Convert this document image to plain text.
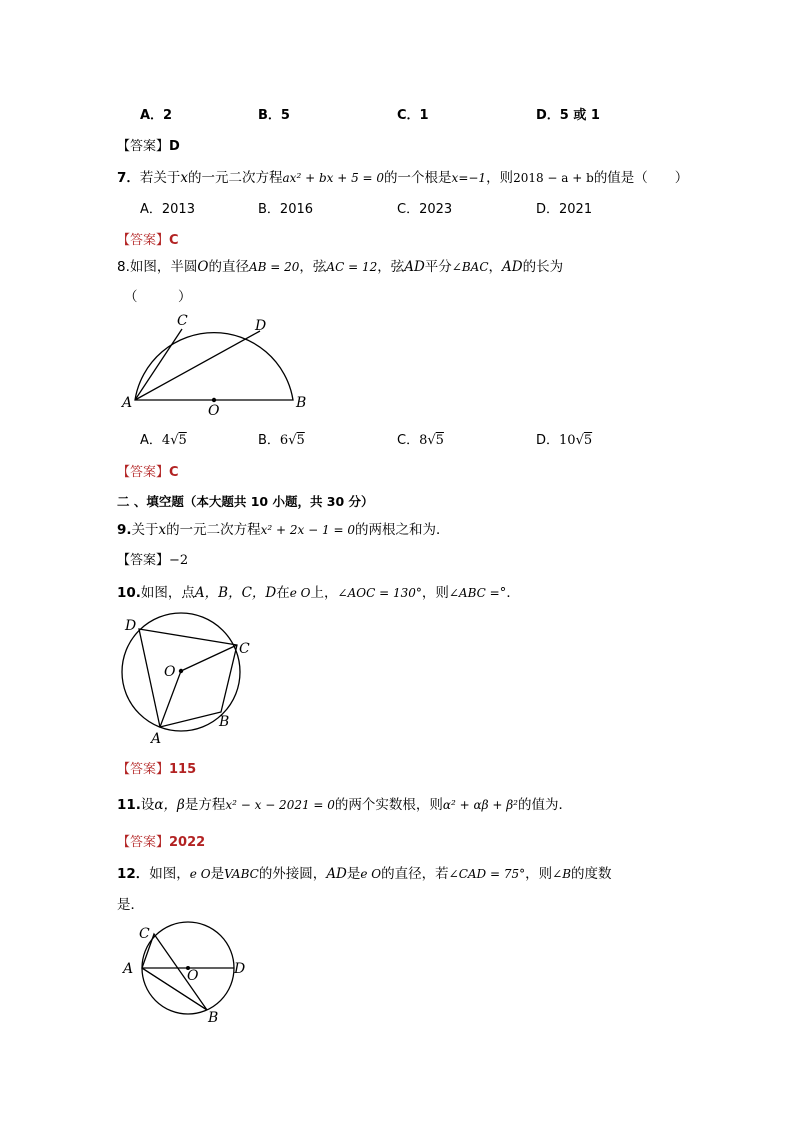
A．2	B．5	C．1	D．5 或 1
【答案】D
7．若关于x的一元二次方程ax² + bx + 5 = 0的一个根是x=−1，则2018 − a + b的值是（　　）
A．2013	B．2016	C．2023	D．2021
【答案】C
8.如图，半圆O的直径AB = 20，弦AC = 12，弦AD平分∠BAC，AD的长为
（　　　）
A	B
C	D
O
A．4√5	B．6√5	C．8√5	D．10√5
【答案】C
二 、填空题（本大题共 10 小题，共 30 分）
9.关于x的一元二次方程x² + 2x − 1 = 0的两根之和为．
【答案】−2
10.如图，点A，B，C，D在e O上，∠AOC = 130°，则∠ABC =°．
D
C
B
A
O
【答案】115
11.设α，β是方程x² − x − 2021 = 0的两个实数根，则α² + αβ + β²的值为．
【答案】2022
12．如图，e O是VABC的外接圆，AD是e O的直径，若∠CAD = 75°，则∠B的度数
是．
A
C
D
B
O
